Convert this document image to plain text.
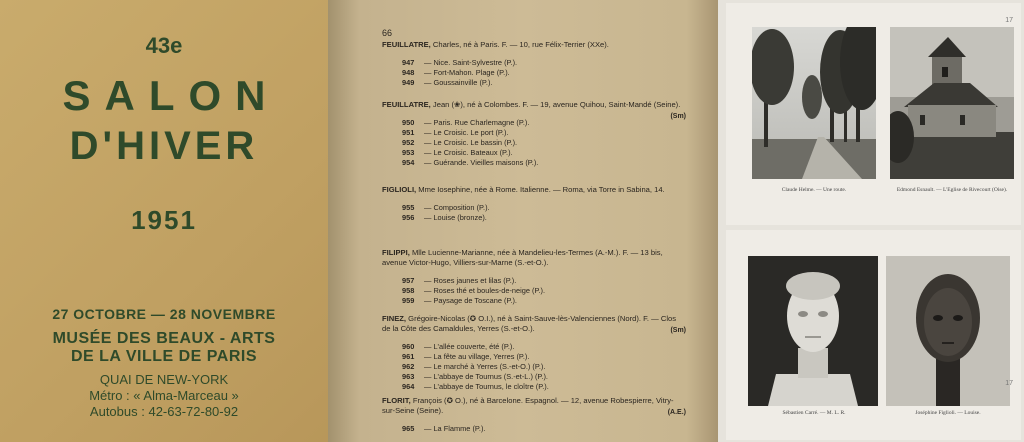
43e
SALON
D'HIVER
1951
27 OCTOBRE — 28 NOVEMBRE
MUSÉE DES BEAUX - ARTS
DE LA VILLE DE PARIS
QUAI DE NEW-YORK
Métro : « Alma-Marceau »
Autobus : 42-63-72-80-92
66
FEUILLATRE, Charles, né à Paris. F. — 10, rue Félix-Terrier (XXe).
947 — Nice. Saint-Sylvestre (P.).
948 — Fort-Mahon. Plage (P.).
949 — Goussainville (P.).
FEUILLATRE, Jean (❀), né à Colombes. F. — 19, avenue Quihou, Saint-Mandé (Seine).
(Sm)
950 — Paris. Rue Charlemagne (P.).
951 — Le Croisic. Le port (P.).
952 — Le Croisic. Le bassin (P.).
953 — Le Croisic. Bateaux (P.).
954 — Guérande. Vieilles maisons (P.).
FIGLIOLI, Mme Iosephine, née à Rome. Italienne. — Roma, via Torre in Sabina, 14.
955 — Composition (P.).
956 — Louise (bronze).
FILIPPI, Mlle Lucienne-Marianne, née à Mandelieu-les-Termes (A.-M.). F. — 13 bis, avenue Victor-Hugo, Villiers-sur-Marne (S.-et-O.).
957 — Roses jaunes et lilas (P.).
958 — Roses thé et boules-de-neige (P.).
959 — Paysage de Toscane (P.).
FINEZ, Grégoire-Nicolas (✪ O.I.), né à Saint-Sauve-lès-Valenciennes (Nord). F. — Clos de la Côte des Camaldules, Yerres (S.-et-O.).	(Sm)
960 — L'allée couverte, été (P.).
961 — La fête au village, Yerres (P.).
962 — Le marché à Yerres (S.-et-O.) (P.).
963 — L'abbaye de Tournus (S.-et-L.) (P.).
964 — L'abbaye de Tournus, le cloître (P.).
FLORIT, François (✪ O.), né à Barcelone. Espagnol. — 12, avenue Robespierre, Vitry-sur-Seine (Seine).	(A.E.)
965 — La Flamme (P.).
Claude Helme. — Une route.	Edmond Esnault. — L'Eglise de Rivecourt (Oise).
17
Sébastien Carré. — M. L. R.	Joséphine Figlioli. — Louise.
17
